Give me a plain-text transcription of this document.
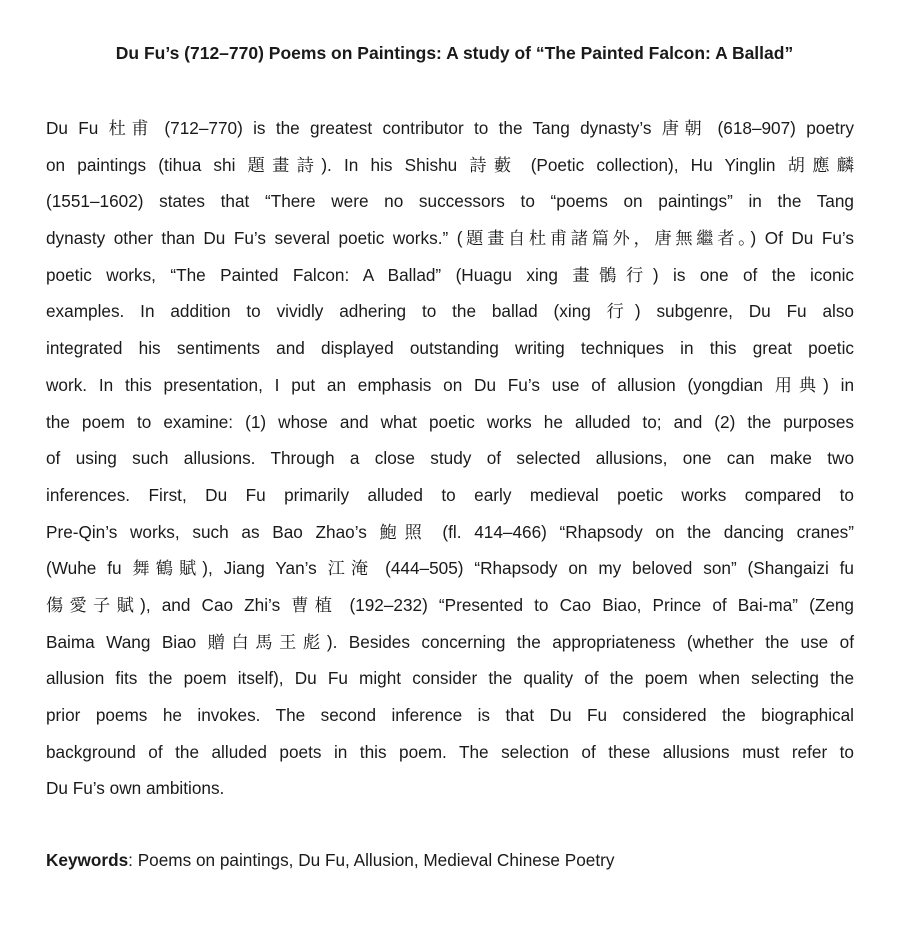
Du Fu’s (712–770) Poems on Paintings: A study of “The Painted Falcon: A Ballad”
Du Fu 杜甫 (712–770) is the greatest contributor to the Tang dynasty’s 唐朝 (618–907) poetry
on paintings (tihua shi 題畫詩). In his Shishu 詩藪 (Poetic collection), Hu Yinglin 胡應麟
(1551–1602) states that “There were no successors to “poems on paintings” in the Tang
dynasty other than Du Fu’s several poetic works.” (題畫自杜甫諸篇外，唐無繼者。) Of Du Fu’s
poetic works, “The Painted Falcon: A Ballad” (Huagu xing 畫鶻行) is one of the iconic
examples. In addition to vividly adhering to the ballad (xing 行) subgenre, Du Fu also
integrated his sentiments and displayed outstanding writing techniques in this great poetic
work. In this presentation, I put an emphasis on Du Fu’s use of allusion (yongdian 用典) in
the poem to examine: (1) whose and what poetic works he alluded to; and (2) the purposes
of using such allusions. Through a close study of selected allusions, one can make two
inferences. First, Du Fu primarily alluded to early medieval poetic works compared to
Pre-Qin’s works, such as Bao Zhao’s 鮑照 (fl. 414–466) “Rhapsody on the dancing cranes”
(Wuhe fu 舞鶴賦), Jiang Yan’s 江淹 (444–505) “Rhapsody on my beloved son” (Shangaizi fu
傷愛子賦), and Cao Zhi’s 曹植 (192–232) “Presented to Cao Biao, Prince of Bai-ma” (Zeng
Baima Wang Biao 贈白馬王彪). Besides concerning the appropriateness (whether the use of
allusion fits the poem itself), Du Fu might consider the quality of the poem when selecting the
prior poems he invokes. The second inference is that Du Fu considered the biographical
background of the alluded poets in this poem. The selection of these allusions must refer to
Du Fu’s own ambitions.

Keywords: Poems on paintings, Du Fu, Allusion, Medieval Chinese Poetry
